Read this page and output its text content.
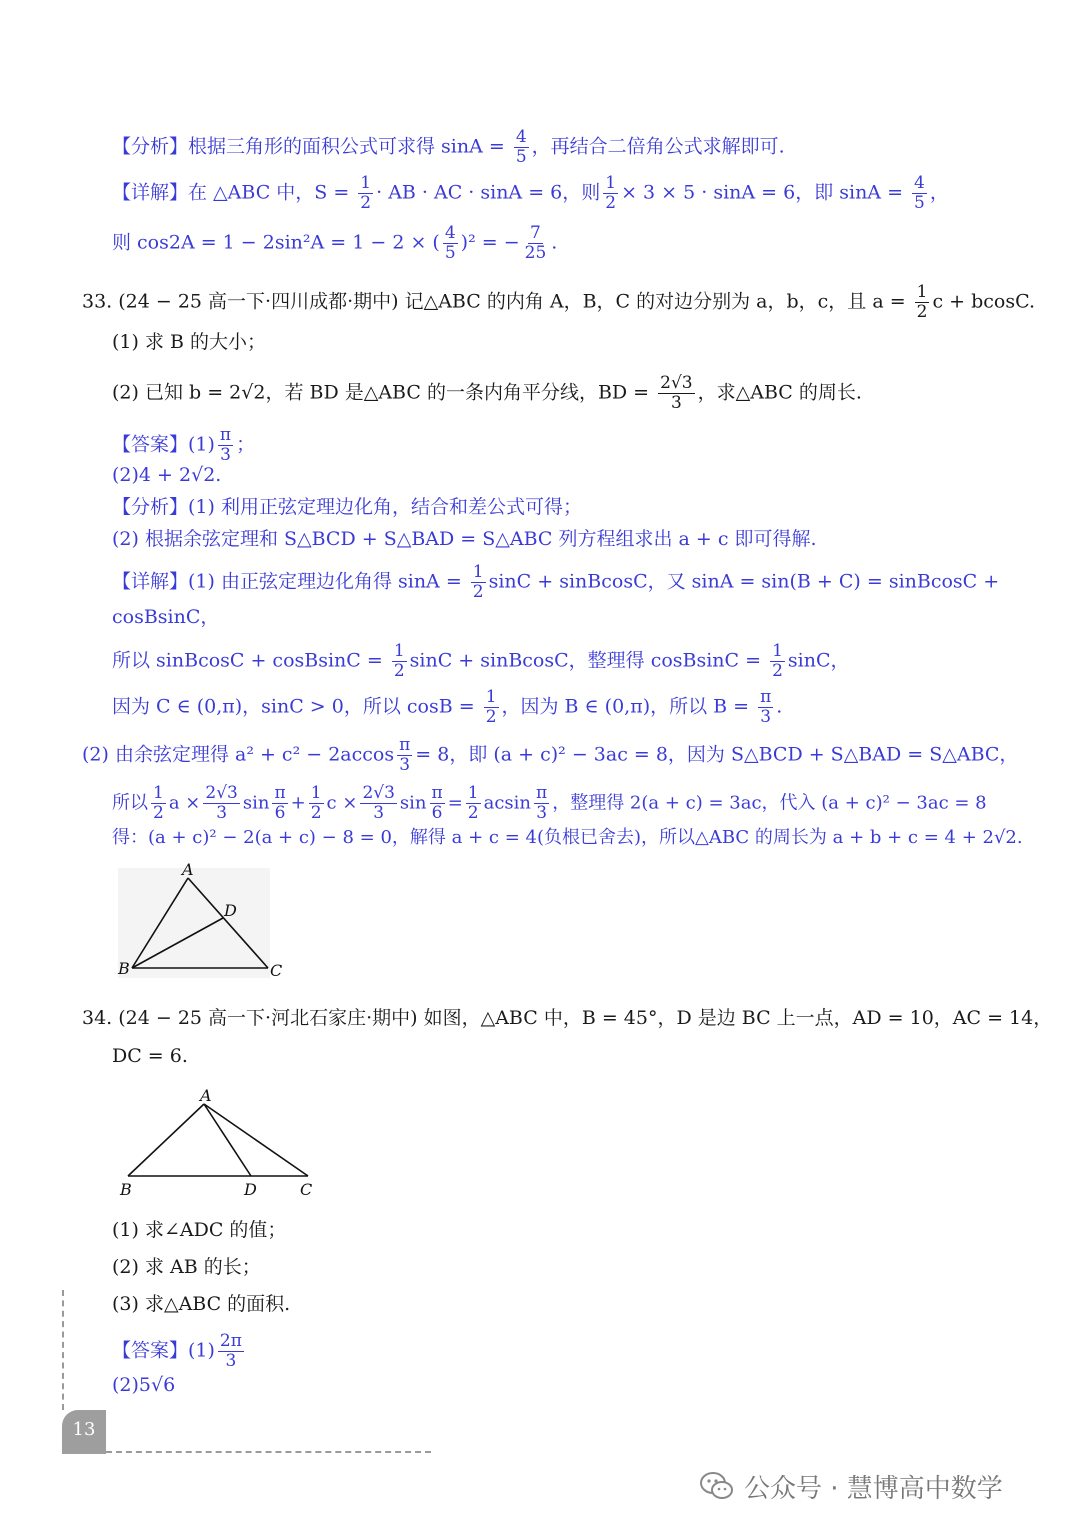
【分析】根据三角形的面积公式可求得 $\sin A = \frac{4}{5}$ ，再结合二倍角公式求解即可.
【详解】在 △ABC 中，$S = \frac{1}{2}$ · AB · AC · sinA = 6，则 $\frac{1}{2} \times 3 \times 5 \cdot \sin A = 6$，即 $\sin A = \frac{4}{5}$ ，
则 cos2A = 1 − 2sin²A = 1 − 2 × ( $\frac{4}{5} )^2$ = − $\frac{7}{25}$ .
33. (24 − 25 高一下·四川成都·期中) 记△ABC 的内角 A，B，C 的对边分别为 a，b，c，且 $a = \frac{1}{2}$ c + bcosC.
(1) 求 B 的大小；
(2) 已知 b = 2√2，若 BD 是△ABC 的一条内角平分线，BD = $\frac{2√3}{3}$ ，求△ABC 的周长.
【答案】$(1) \frac{\pi}{3}$ ；
(2)4 + 2√2.
【分析】(1) 利用正弦定理边化角，结合和差公式可得；
(2) 根据余弦定理和 S△BCD + S△BAD = S△ABC 列方程组求出 a + c 即可得解.
【详解】(1) 由正弦定理边化角得 $\sin A = \frac{1}{2}$ sinC + sinBcosC，又 sinA = sin(B + C) = sinBcosC +
cosBsinC，
所以 sinBcosC + cosBsinC = $\frac{1}{2}$ sinC + sinBcosC，整理得 cosBsinC = $\frac{1}{2}$ sinC，
因为 C ∈ (0,π)，sinC > 0，所以 $\cos B = \frac{1}{2}$ ，因为 B ∈ (0,π)，所以 $B = \frac{\pi}{3}$ .
(2) 由余弦定理得 $a^2 + c^2 - 2accos \frac{\pi}{3} = 8$，即 (a + c)² − 3ac = 8，因为 S△BCD + S△BAD = S△ABC，
所以 $\frac{1}{2}$ $a \times \frac{2√3}{3}$ $\sin \frac{\pi}{6} + \frac{1}{2}$ $c \times \frac{2√3}{3}$ $\sin \frac{\pi}{6} = \frac{1}{2}$ acsin $\frac{\pi}{3}$ ，整理得 2(a + c) = 3ac，代入 (a + c)² − 3ac = 8
得：(a + c)² − 2(a + c) − 8 = 0，解得 a + c = 4(负根已舍去)，所以△ABC 的周长为 a + b + c = 4 + 2√2.
A
B	C
D
34. (24 − 25 高一下·河北石家庄·期中) 如图，△ABC 中，B = 45°，D 是边 BC 上一点，AD = 10，AC = 14，
DC = 6.
A
B	D	C
(1) 求∠ADC 的值；
(2) 求 AB 的长；
(3) 求△ABC 的面积.
【答案】$(1) \frac{2\pi}{3}$
(2)5√6
13
公众号 · 慧博高中数学
